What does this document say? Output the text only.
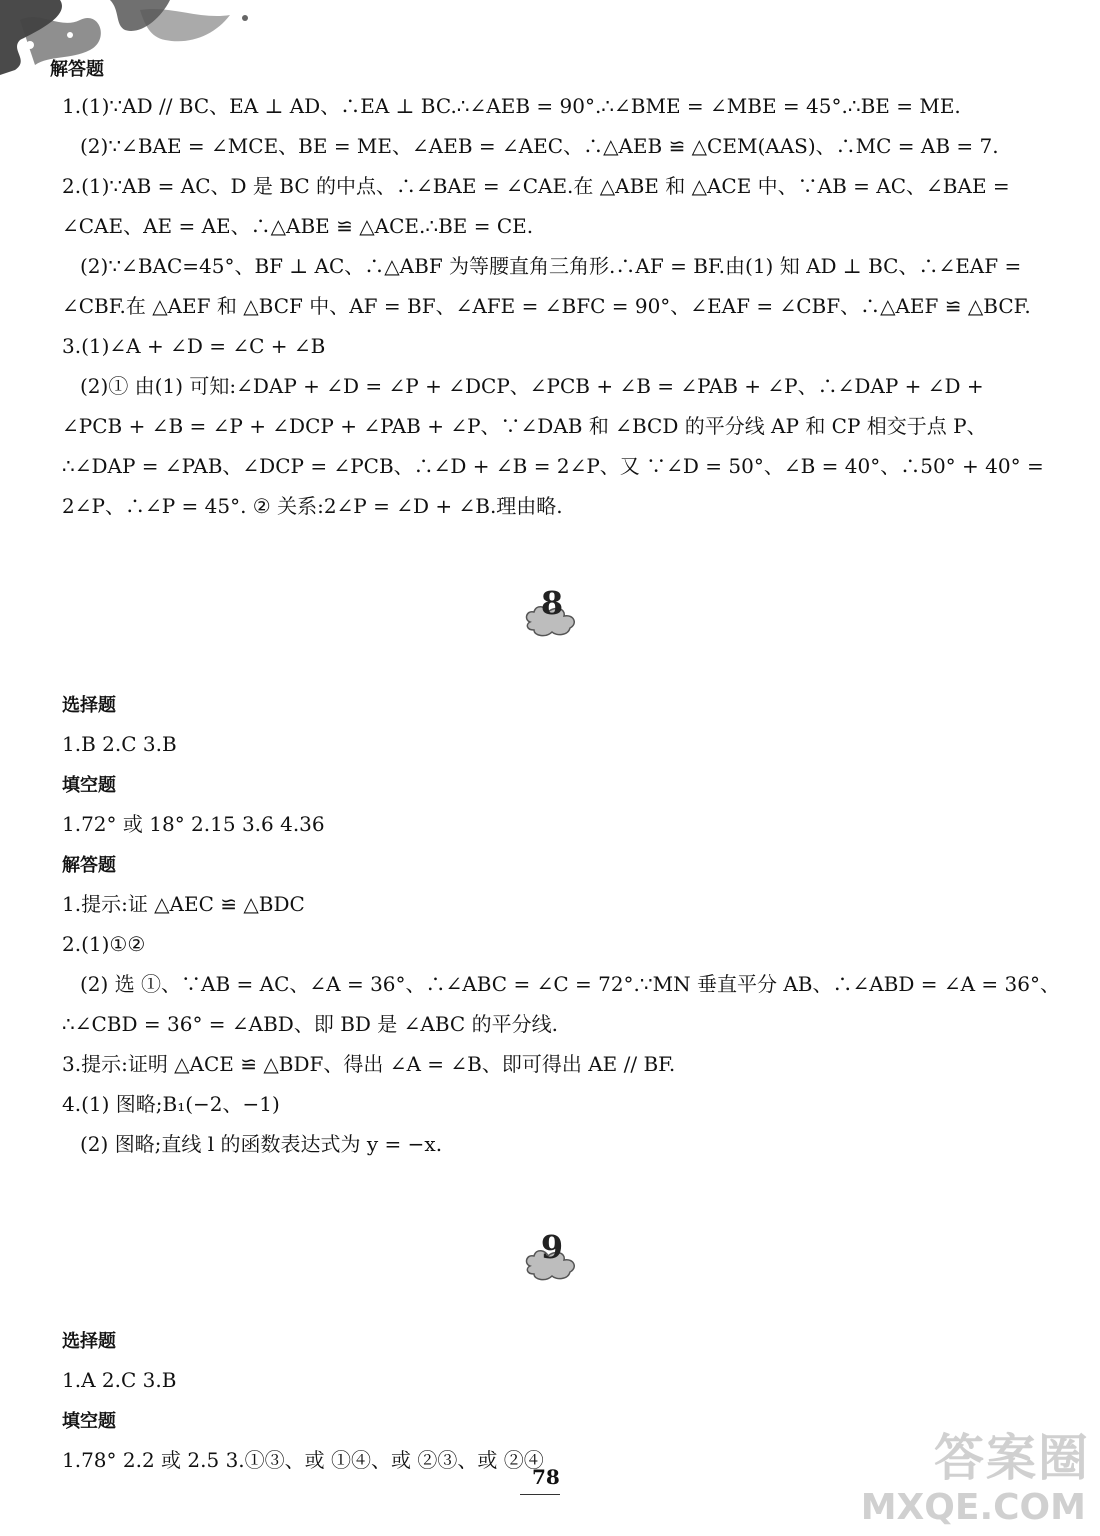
解答题
1.(1)∵AD // BC、EA ⊥ AD、∴EA ⊥ BC.∴∠AEB = 90°.∴∠BME = ∠MBE = 45°.∴BE = ME.
(2)∵∠BAE = ∠MCE、BE = ME、∠AEB = ∠AEC、∴△AEB ≌ △CEM(AAS)、∴MC = AB = 7.
2.(1)∵AB = AC、D 是 BC 的中点、∴∠BAE = ∠CAE.在 △ABE 和 △ACE 中、∵AB = AC、∠BAE =
∠CAE、AE = AE、∴△ABE ≌ △ACE.∴BE = CE.
(2)∵∠BAC=45°、BF ⊥ AC、∴△ABF 为等腰直角三角形.∴AF = BF.由(1) 知 AD ⊥ BC、∴∠EAF =
∠CBF.在 △AEF 和 △BCF 中、AF = BF、∠AFE = ∠BFC = 90°、∠EAF = ∠CBF、∴△AEF ≌ △BCF.
3.(1)∠A + ∠D = ∠C + ∠B
(2)① 由(1) 可知:∠DAP + ∠D = ∠P + ∠DCP、∠PCB + ∠B = ∠PAB + ∠P、∴∠DAP + ∠D +
∠PCB + ∠B = ∠P + ∠DCP + ∠PAB + ∠P、∵∠DAB 和 ∠BCD 的平分线 AP 和 CP 相交于点 P、
∴∠DAP = ∠PAB、∠DCP = ∠PCB、∴∠D + ∠B = 2∠P、又 ∵∠D = 50°、∠B = 40°、∴50° + 40° =
2∠P、∴∠P = 45°. ② 关系:2∠P = ∠D + ∠B.理由略.
8
选择题
1.B 2.C 3.B
填空题
1.72° 或 18° 2.15 3.6 4.36
解答题
1.提示:证 △AEC ≌ △BDC
2.(1)①②
(2) 选 ①、∵AB = AC、∠A = 36°、∴∠ABC = ∠C = 72°.∵MN 垂直平分 AB、∴∠ABD = ∠A = 36°、
∴∠CBD = 36° = ∠ABD、即 BD 是 ∠ABC 的平分线.
3.提示:证明 △ACE ≌ △BDF、得出 ∠A = ∠B、即可得出 AE // BF.
4.(1) 图略;B₁(−2、−1)
(2) 图略;直线 l 的函数表达式为 y = −x.
9
选择题
1.A 2.C 3.B
填空题
1.78° 2.2 或 2.5 3.①③、或 ①④、或 ②③、或 ②④
78	答案圈
MXQE.COM
